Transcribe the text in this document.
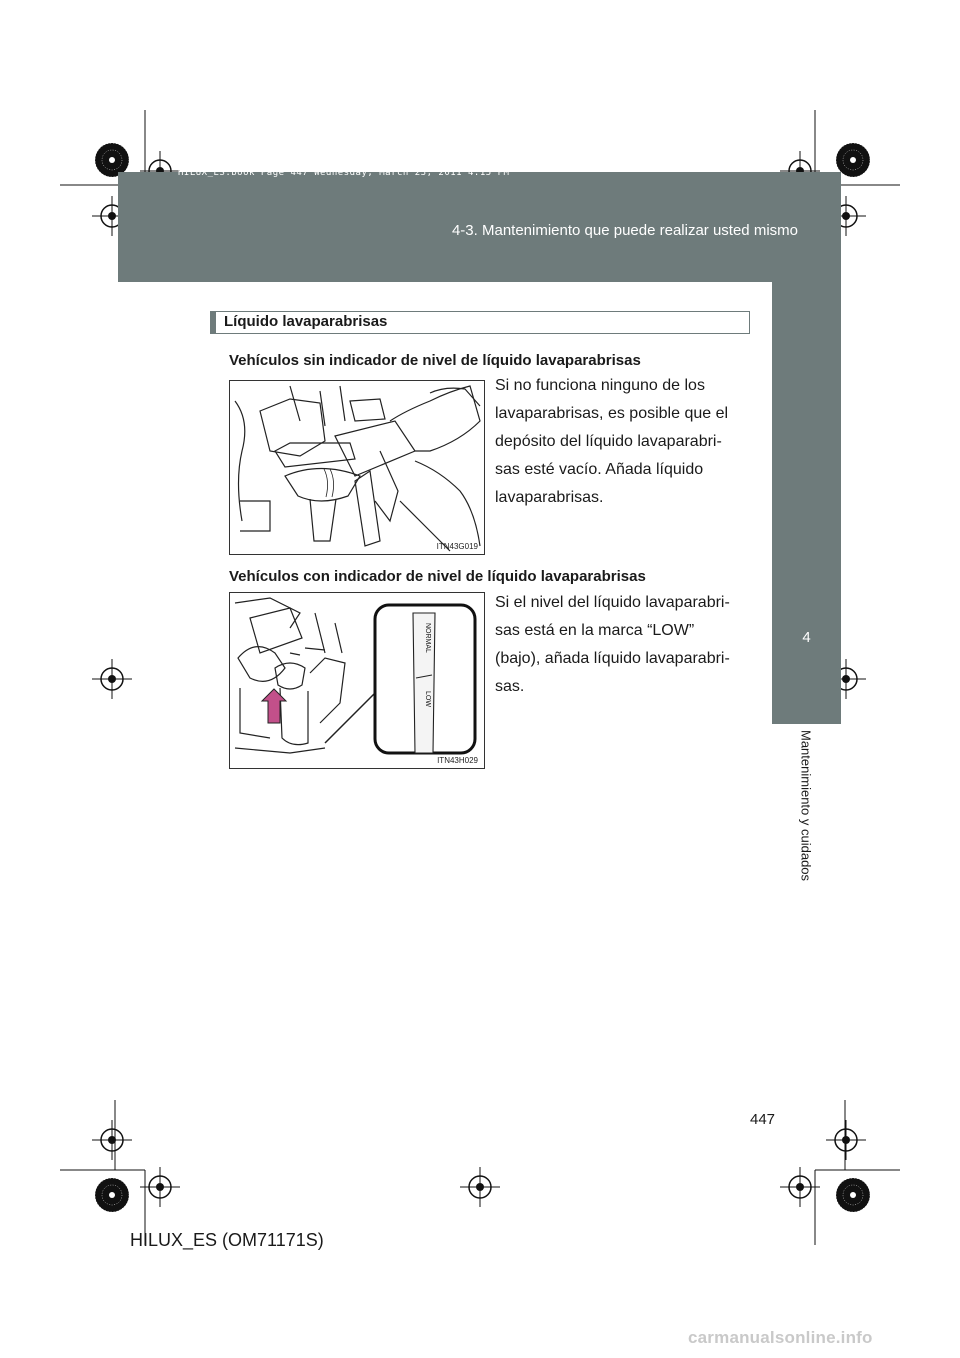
HILUX_ES.book Page 447 Wednesday, March 23, 2011 4:15 PM
4-3. Mantenimiento que puede realizar usted mismo
4
Mantenimiento y cuidados
Líquido lavaparabrisas
Vehículos sin indicador de nivel de líquido lavaparabrisas
ITN43G019
Si no funciona ninguno de los
lavaparabrisas, es posible que el
depósito del líquido lavaparabri-
sas esté vacío. Añada líquido
lavaparabrisas.
Vehículos con indicador de nivel de líquido lavaparabrisas
NORMAL
LOW
ITN43H029
Si el nivel del líquido lavaparabri-
sas está en la marca “LOW”
(bajo), añada líquido lavaparabri-
sas.
447
HILUX_ES (OM71171S)
carmanualsonline.info
